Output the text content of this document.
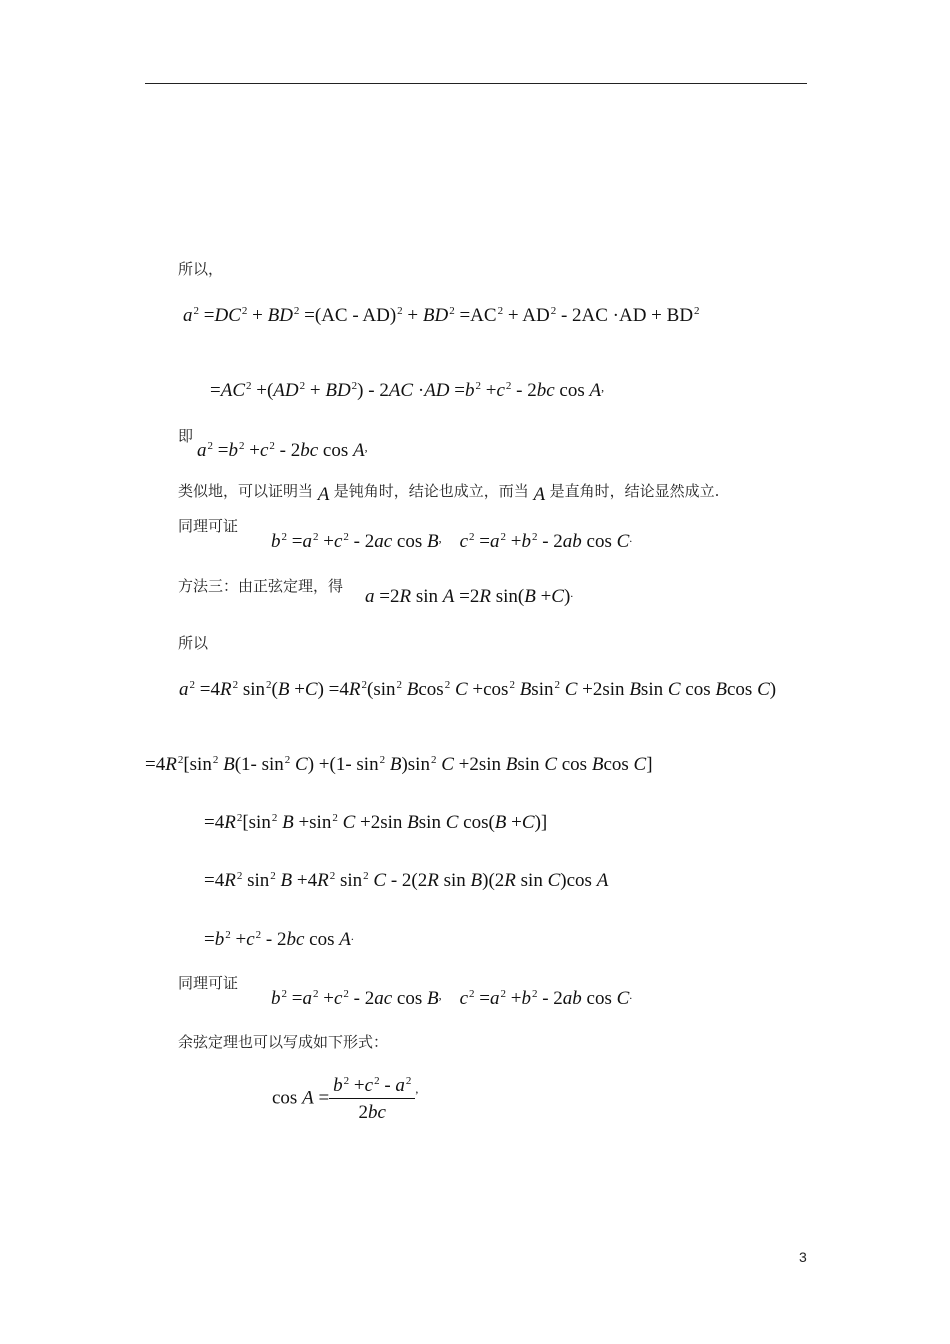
所以，
$a^2 =DC^2 + BD^2 =(AC - AD)^2 + BD^2 =AC^2 + AD^2 - 2AC \cdot AD + BD^2$
$=AC^2 +(AD^2 + BD^2) - 2AC \cdot AD =b^2 +c^2 - 2bc$ cos A,
即
$a^2 =b^2 +c^2 - 2bc$ cos A,
类似地，可以证明当 A 是钝角时，结论也成立，而当 A 是直角时，结论显然成立.
同理可证
$b^2 =a^2 +c^2 - 2ac$ cos B, $c^2 =a^2 +b^2 - 2ab$ cos C.
方法三：由正弦定理，得 a =2R sin A =2R sin(B +C).
所以
$a^2 =4R^2$ $\sin^2(B +C) =4R^2(\sin^2$ Bcos$^2$ $C +\cos^2$ Bsin$^2$ C +2sin Bsin C cos Bcos C)
$=4R^2[\sin^2$ B(1- $\sin^2 C) +(1-$ $\sin^2 B)\sin^2$ C +2sin Bsin C cos Bcos C]
$=4R^2[\sin^2$ $B +\sin^2$ C +2sin Bsin C cos(B +C)]
$=4R^2$ $\sin^2 B +4R^2$ $\sin^2 C - 2(2R$ sin B)(2R sin C)cos A
$=b^2 +c^2 - 2bc$ cos A.
同理可证
$b^2 =a^2 +c^2 - 2ac$ cos B, $c^2 =a^2 +b^2 - 2ab$ cos C.
余弦定理也可以写成如下形式：
$\cos A = \frac{b^2 +c^2 - a^2}{2bc} ^,$
3
